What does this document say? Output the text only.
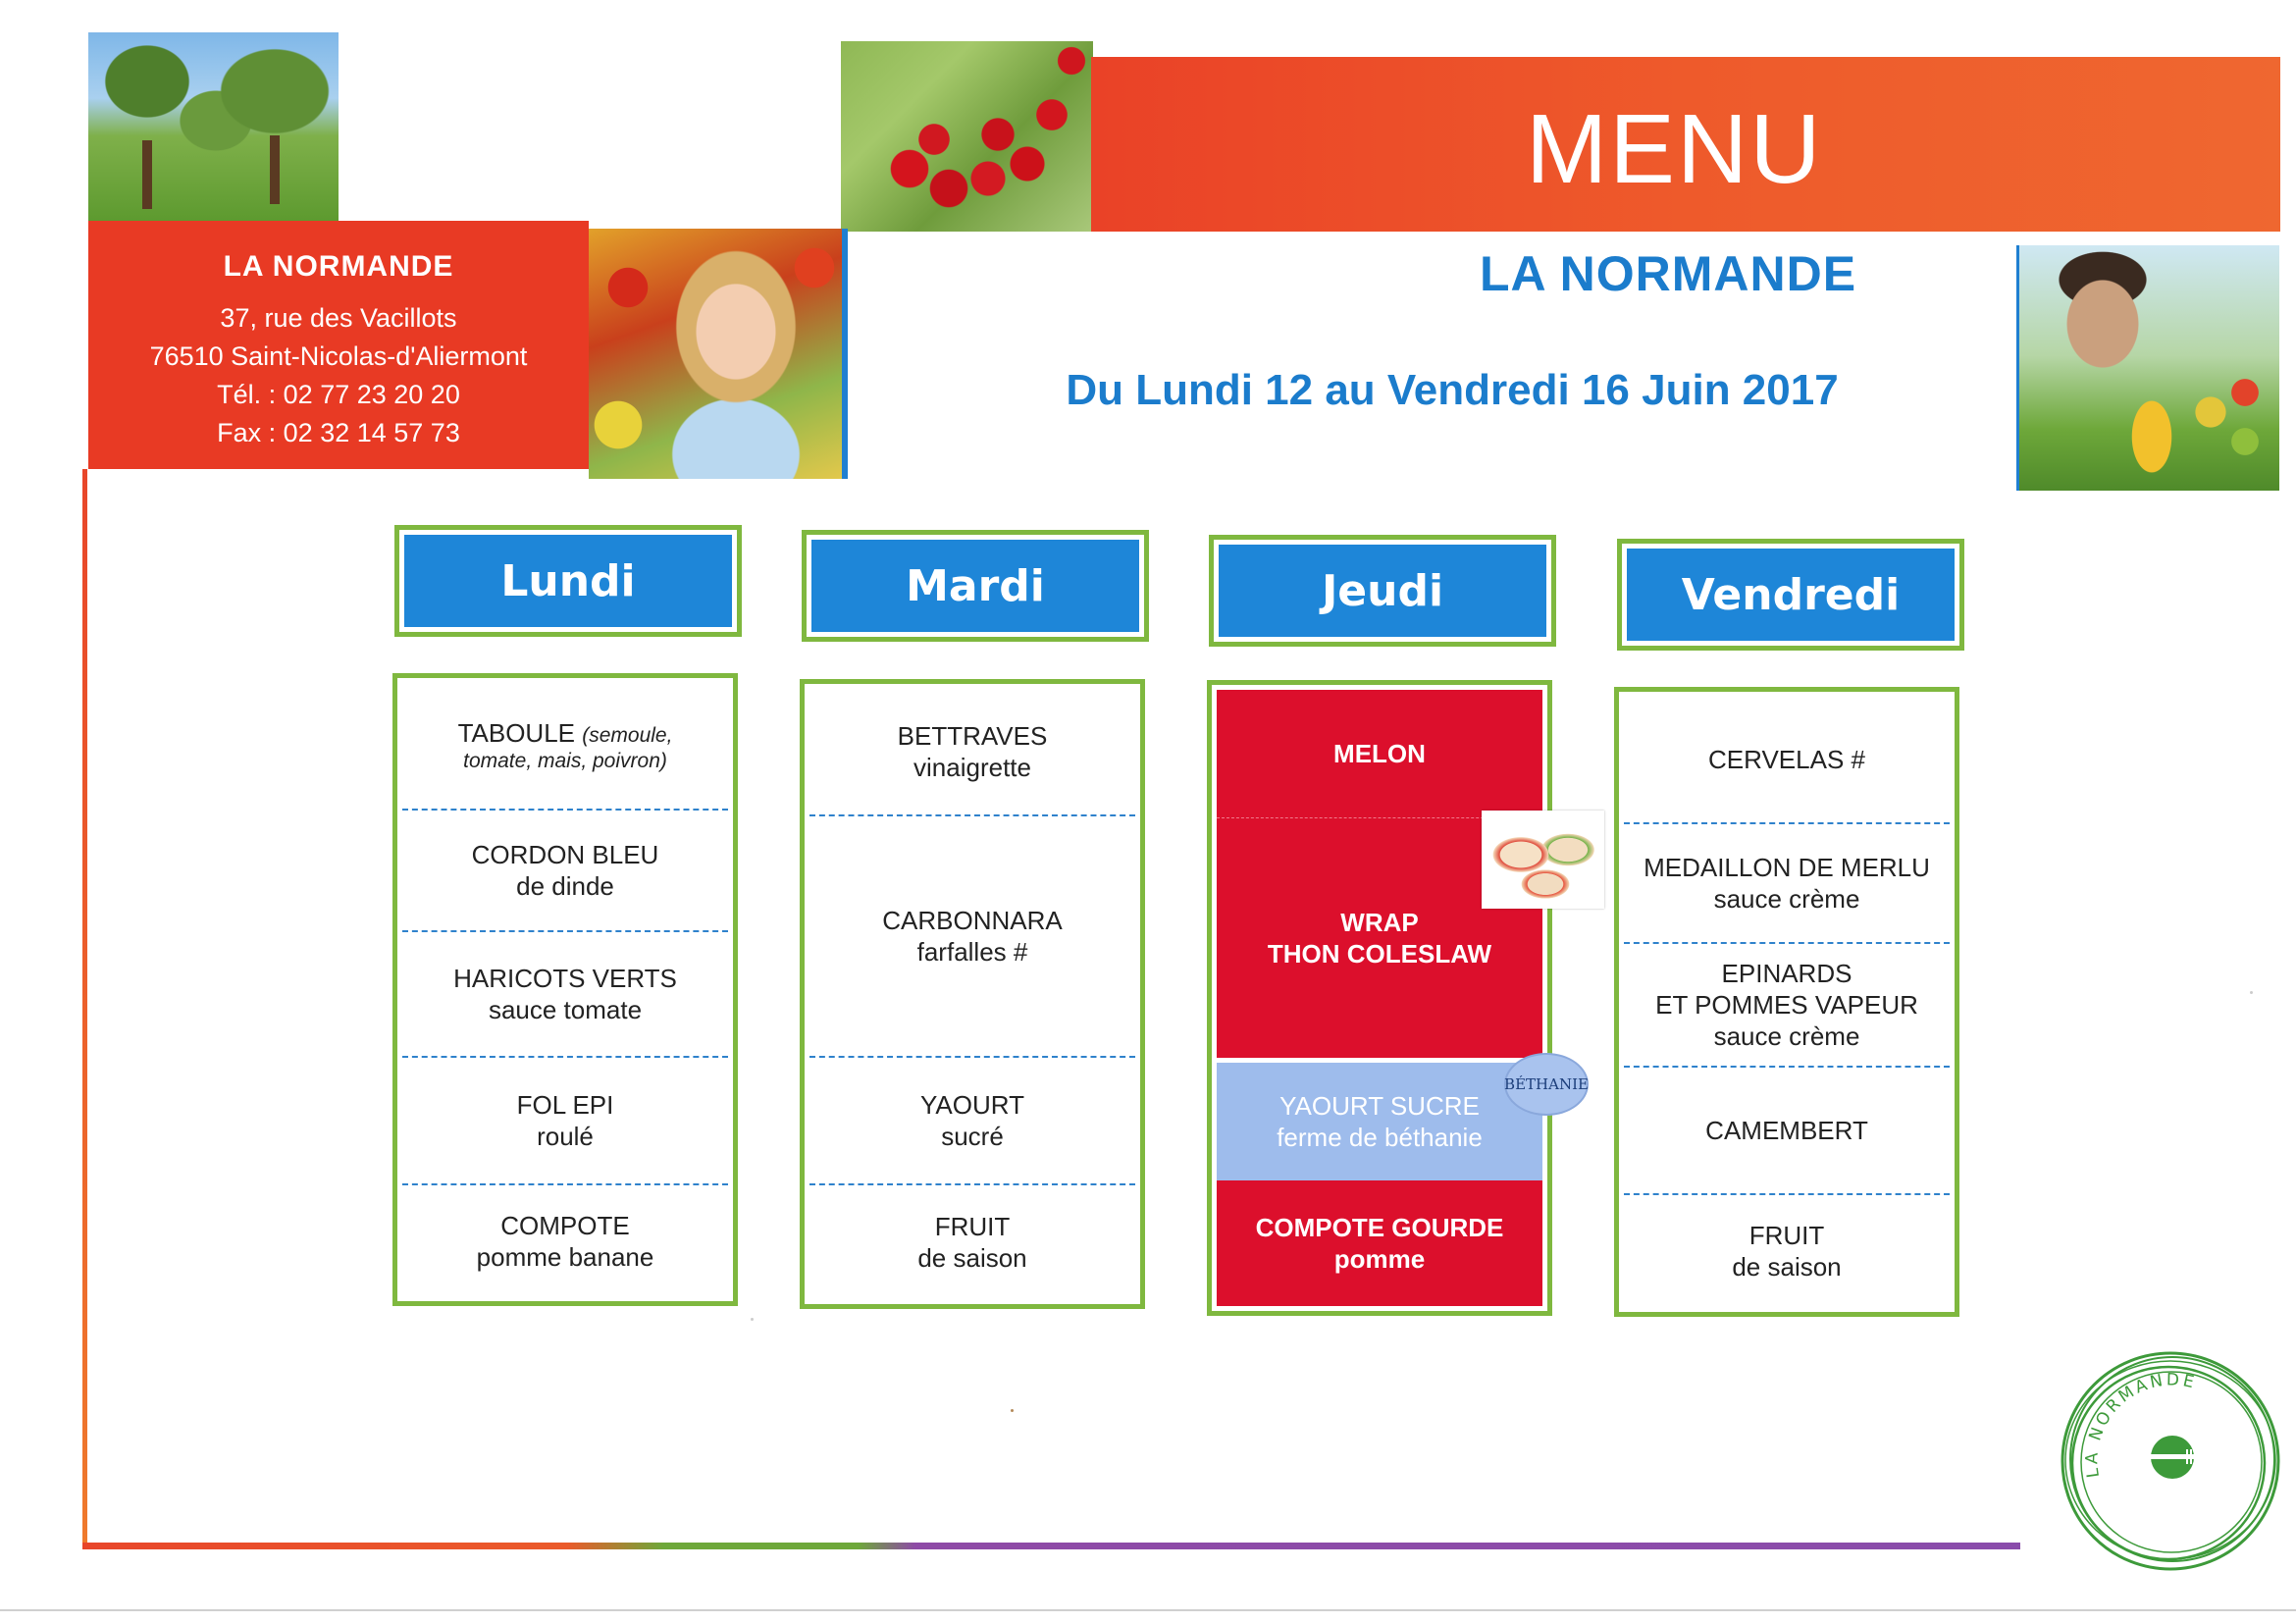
MENU
LA NORMANDE
37, rue des Vacillots
76510 Saint-Nicolas-d'Aliermont
Tél. : 02 77 23 20 20
Fax : 02 32 14 57 73
LA NORMANDE
Du Lundi 12 au Vendredi 16 Juin 2017
Lundi
TABOULE (semoule,
tomate, mais, poivron)
CORDON BLEU
de dinde
HARICOTS VERTS
sauce tomate
FOL EPI
roulé
COMPOTE
pomme banane
Mardi
BETTRAVES
vinaigrette
CARBONNARA
farfalles #
YAOURT
sucré
FRUIT
de saison
Jeudi
MELON
WRAP
THON COLESLAW
YAOURT SUCRE
ferme de béthanie
COMPOTE GOURDE
pomme
BÉTHANIE
Vendredi
CERVELAS #
MEDAILLON DE MERLU
sauce crème
EPINARDS
ET POMMES VAPEUR
sauce crème
CAMEMBERT
FRUIT
de saison
LA NORMANDE
